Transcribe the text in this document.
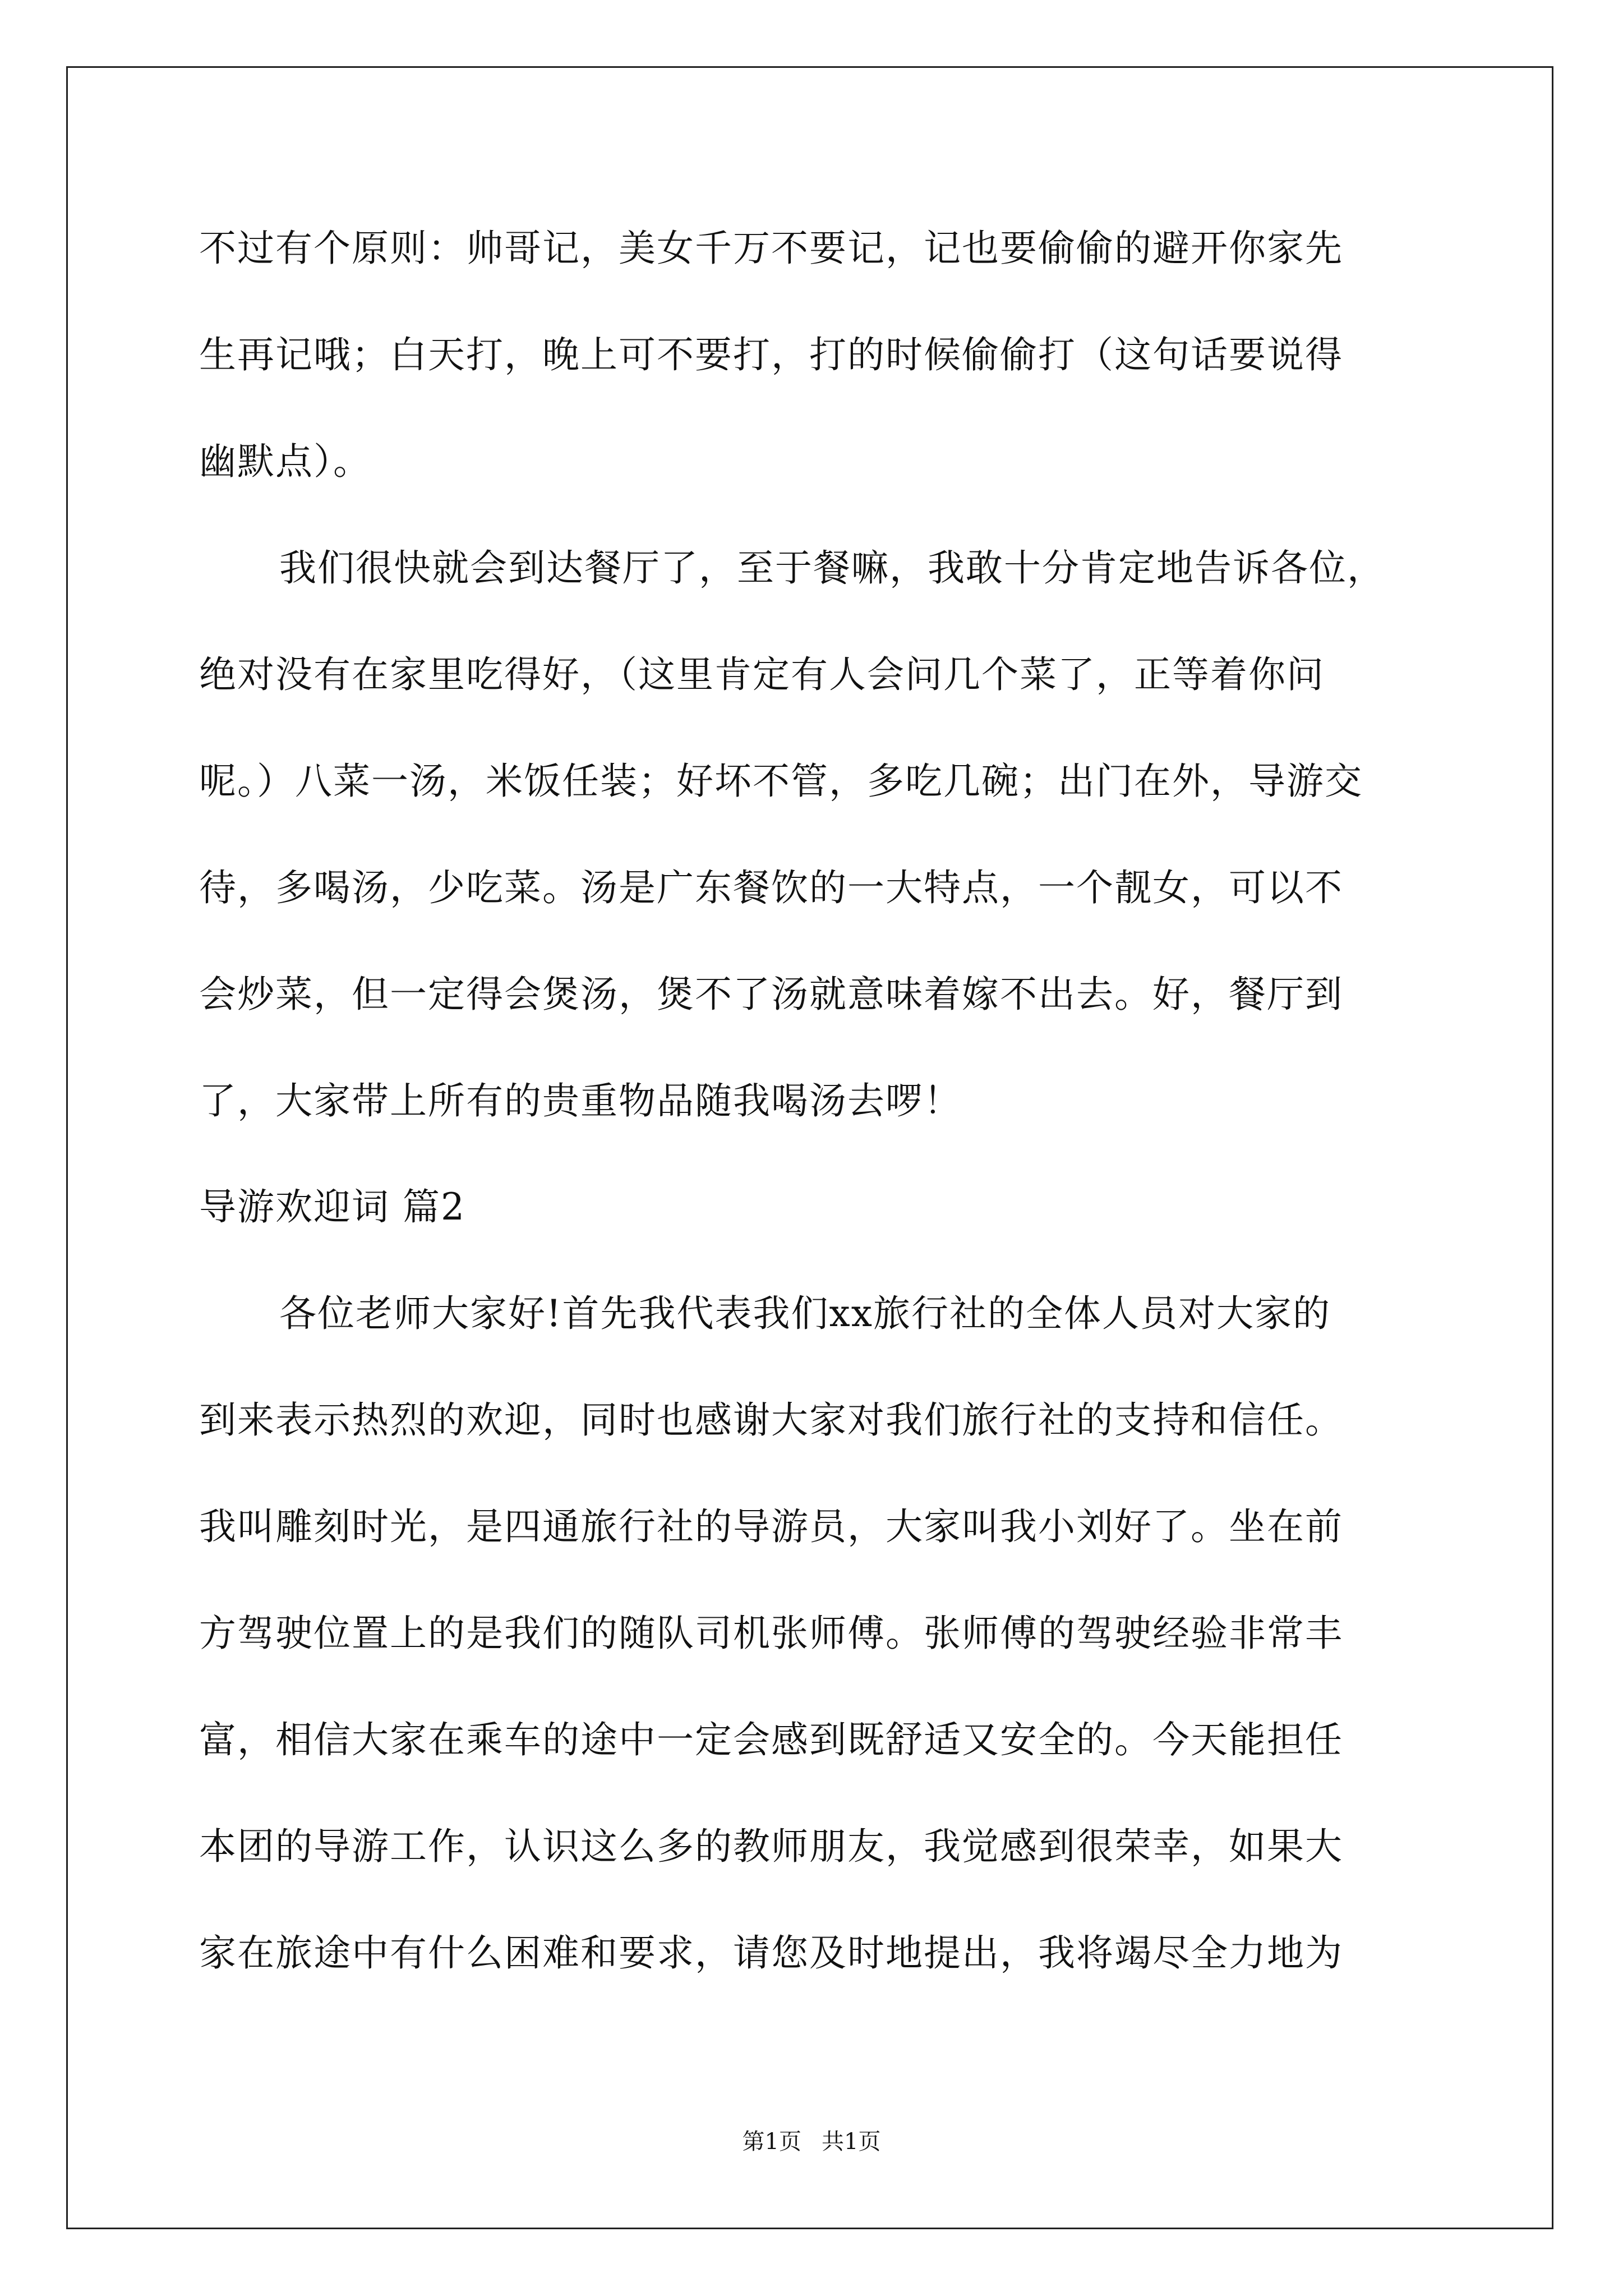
不过有个原则：帅哥记，美女千万不要记，记也要偷偷的避开你家先
生再记哦；白天打，晚上可不要打，打的时候偷偷打（这句话要说得
幽默点）。
我们很快就会到达餐厅了，至于餐嘛，我敢十分肯定地告诉各位，
绝对没有在家里吃得好，（这里肯定有人会问几个菜了，正等着你问
呢。）八菜一汤，米饭任装；好坏不管，多吃几碗；出门在外，导游交
待，多喝汤，少吃菜。汤是广东餐饮的一大特点，一个靓女，可以不
会炒菜，但一定得会煲汤，煲不了汤就意味着嫁不出去。好，餐厅到
了，大家带上所有的贵重物品随我喝汤去啰！
导游欢迎词 篇2
各位老师大家好!首先我代表我们xx旅行社的全体人员对大家的
到来表示热烈的欢迎，同时也感谢大家对我们旅行社的支持和信任。
我叫雕刻时光，是四通旅行社的导游员，大家叫我小刘好了。坐在前
方驾驶位置上的是我们的随队司机张师傅。张师傅的驾驶经验非常丰
富，相信大家在乘车的途中一定会感到既舒适又安全的。今天能担任
本团的导游工作，认识这么多的教师朋友，我觉感到很荣幸，如果大
家在旅途中有什么困难和要求，请您及时地提出，我将竭尽全力地为
第1页 共1页
